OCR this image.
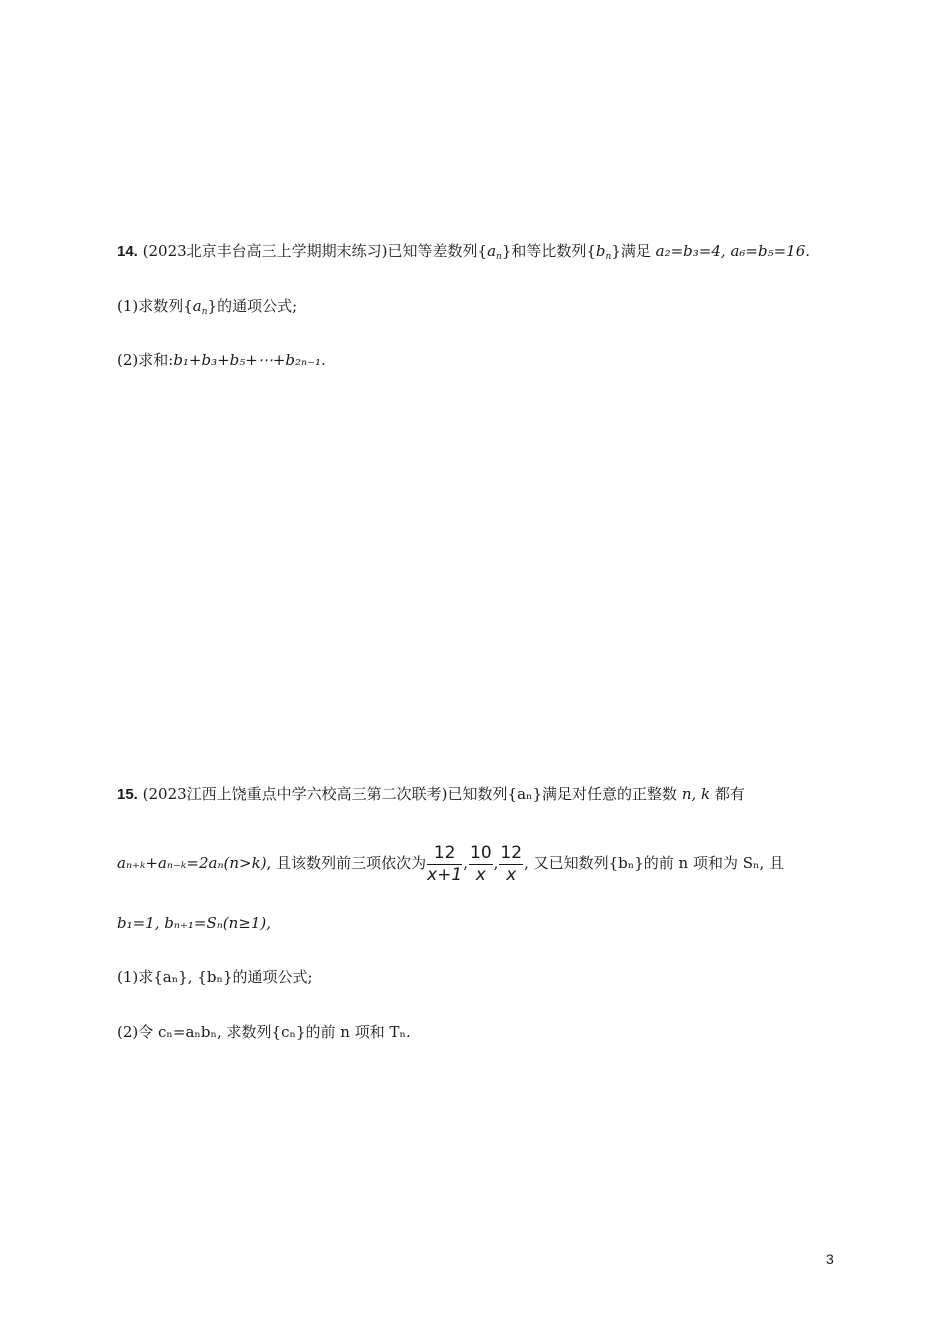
14. (2023北京丰台高三上学期期末练习)已知等差数列$\{a_n\}$和等比数列$\{b_n\}$满足 a₂=b₃=4, a₆=b₅=16.
(1)求数列$\{a_n\}$的通项公式;
(2)求和:b₁+b₃+b₅+⋯+b₂ₙ₋₁.
15. (2023江西上饶重点中学六校高三第二次联考)已知数列{aₙ}满足对任意的正整数 n, k 都有
aₙ₊ₖ+aₙ₋ₖ=2aₙ(n>k), 且该数列前三项依次为 $\frac{12}{x+1}$ , $\frac{10}{x}$ , $\frac{12}{x}$ , 又已知数列{bₙ}的前 n 项和为 Sₙ, 且
b₁=1, bₙ₊₁=Sₙ(n≥1),
(1)求{aₙ}, {bₙ}的通项公式;
(2)令 cₙ=aₙbₙ, 求数列{cₙ}的前 n 项和 Tₙ.
3
